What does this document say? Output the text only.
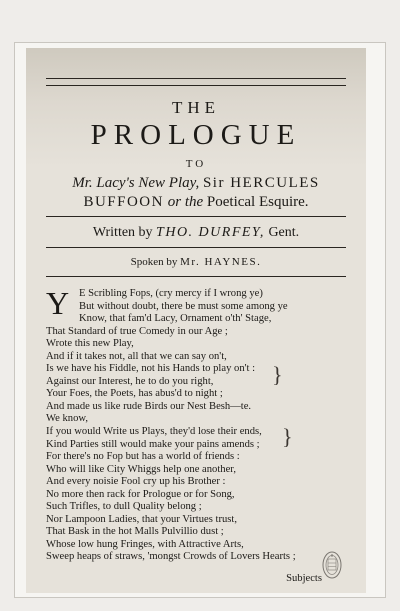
THE
PROLOGUE
TO
Mr. Lacy's New Play, Sir HERCULES
BUFFOON or the Poetical Esquire.
Written by THO. DURFEY, Gent.
Spoken by Mr. HAYNES.
Y E Scribling Fops, (cry mercy if I wrong ye)
But without doubt, there be must some among ye
Know, that fam'd Lacy, Ornament o'th' Stage,
That Standard of true Comedy in our Age ;
Wrote this new Play,
And if it takes not, all that we can say on't,
Is we have his Fiddle, not his Hands to play on't :
Against our Interest, he to do you right,
Your Foes, the Poets, has abus'd to night ;
And made us like rude Birds our Nest Besh—te.
We know,
If you would Write us Plays, they'd lose their ends,
Kind Parties still would make your pains amends ;
For there's no Fop but has a world of friends :
Who will like City Whiggs help one another,
And every noisie Fool cry up his Brother :
No more then rack for Prologue or for Song,
Such Trifles, to dull Quality belong ;
Nor Lampoon Ladies, that your Virtues trust,
That Bask in the hot Malls Pulvillio dust ;
Whose low hung Fringes, with Attractive Arts,
Sweep heaps of straws, 'mongst Crowds of Lovers Hearts ;
}
}
Subjects
